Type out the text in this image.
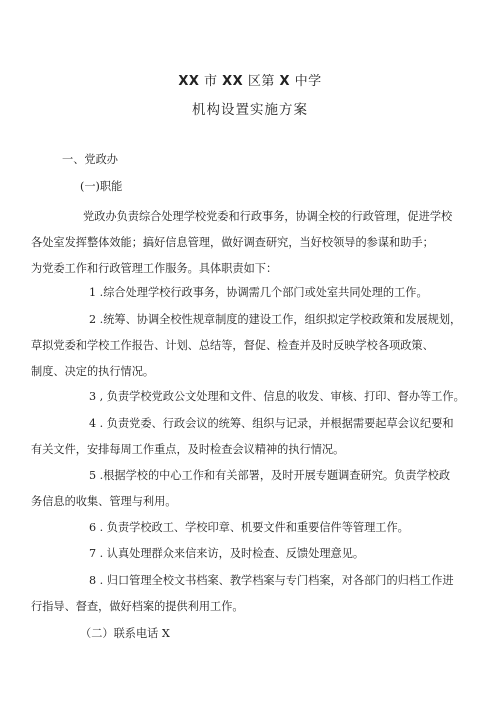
XX 市 XX 区第 X 中学
机构设置实施方案
一、党政办
(一)职能
党政办负责综合处理学校党委和行政事务，协调全校的行政管理，促进学校
各处室发挥整体效能；搞好信息管理，做好调查研究，当好校领导的参谋和助手；
为党委工作和行政管理工作服务。具体职责如下：
1 .综合处理学校行政事务，协调需几个部门或处室共同处理的工作。
2 .统筹、协调全校性规章制度的建设工作，组织拟定学校政策和发展规划，
草拟党委和学校工作报告、计划、总结等，督促、检查并及时反映学校各项政策、
制度、决定的执行情况。
3 , 负责学校党政公文处理和文件、信息的收发、审核、打印、督办等工作。
4 . 负责党委、行政会议的统筹、组织与记录，并根据需要起草会议纪要和
有关文件，安排每周工作重点，及时检查会议精神的执行情况。
5 .根据学校的中心工作和有关部署，及时开展专题调查研究。负责学校政
务信息的收集、管理与利用。
6 . 负责学校政工、学校印章、机要文件和重要信件等管理工作。
7 . 认真处理群众来信来访，及时检查、反馈处理意见。
8 . 归口管理全校文书档案、教学档案与专门档案，对各部门的归档工作进
行指导、督查，做好档案的提供利用工作。
（二）联系电话 X
